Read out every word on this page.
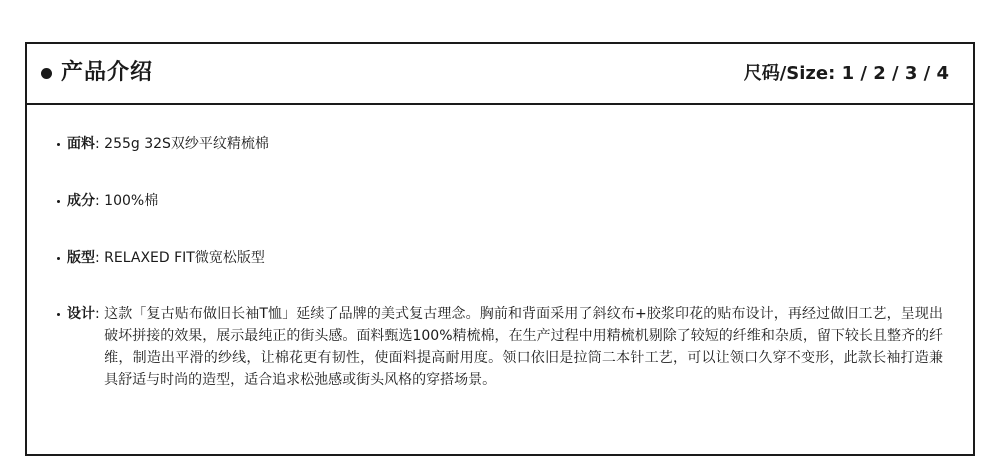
产品介绍	尺码/Size: 1 / 2 / 3 / 4
面料 : 255g 32S双纱平纹精梳棉
成分 : 100%棉
版型 : RELAXED FIT微宽松版型
设计 : 这款「复古贴布做旧长袖T恤」延续了品牌的美式复古理念。胸前和背面采用了斜纹布+胶浆印花的贴布设计，再经过做旧工艺，呈现出破坏拼接的效果，展示最纯正的街头感。面料甄选100%精梳棉，在生产过程中用精梳机剔除了较短的纤维和杂质，留下较长且整齐的纤维，制造出平滑的纱线，让棉花更有韧性，使面料提高耐用度。领口依旧是拉筒二本针工艺，可以让领口久穿不变形，此款长袖打造兼具舒适与时尚的造型，适合追求松弛感或街头风格的穿搭场景。
